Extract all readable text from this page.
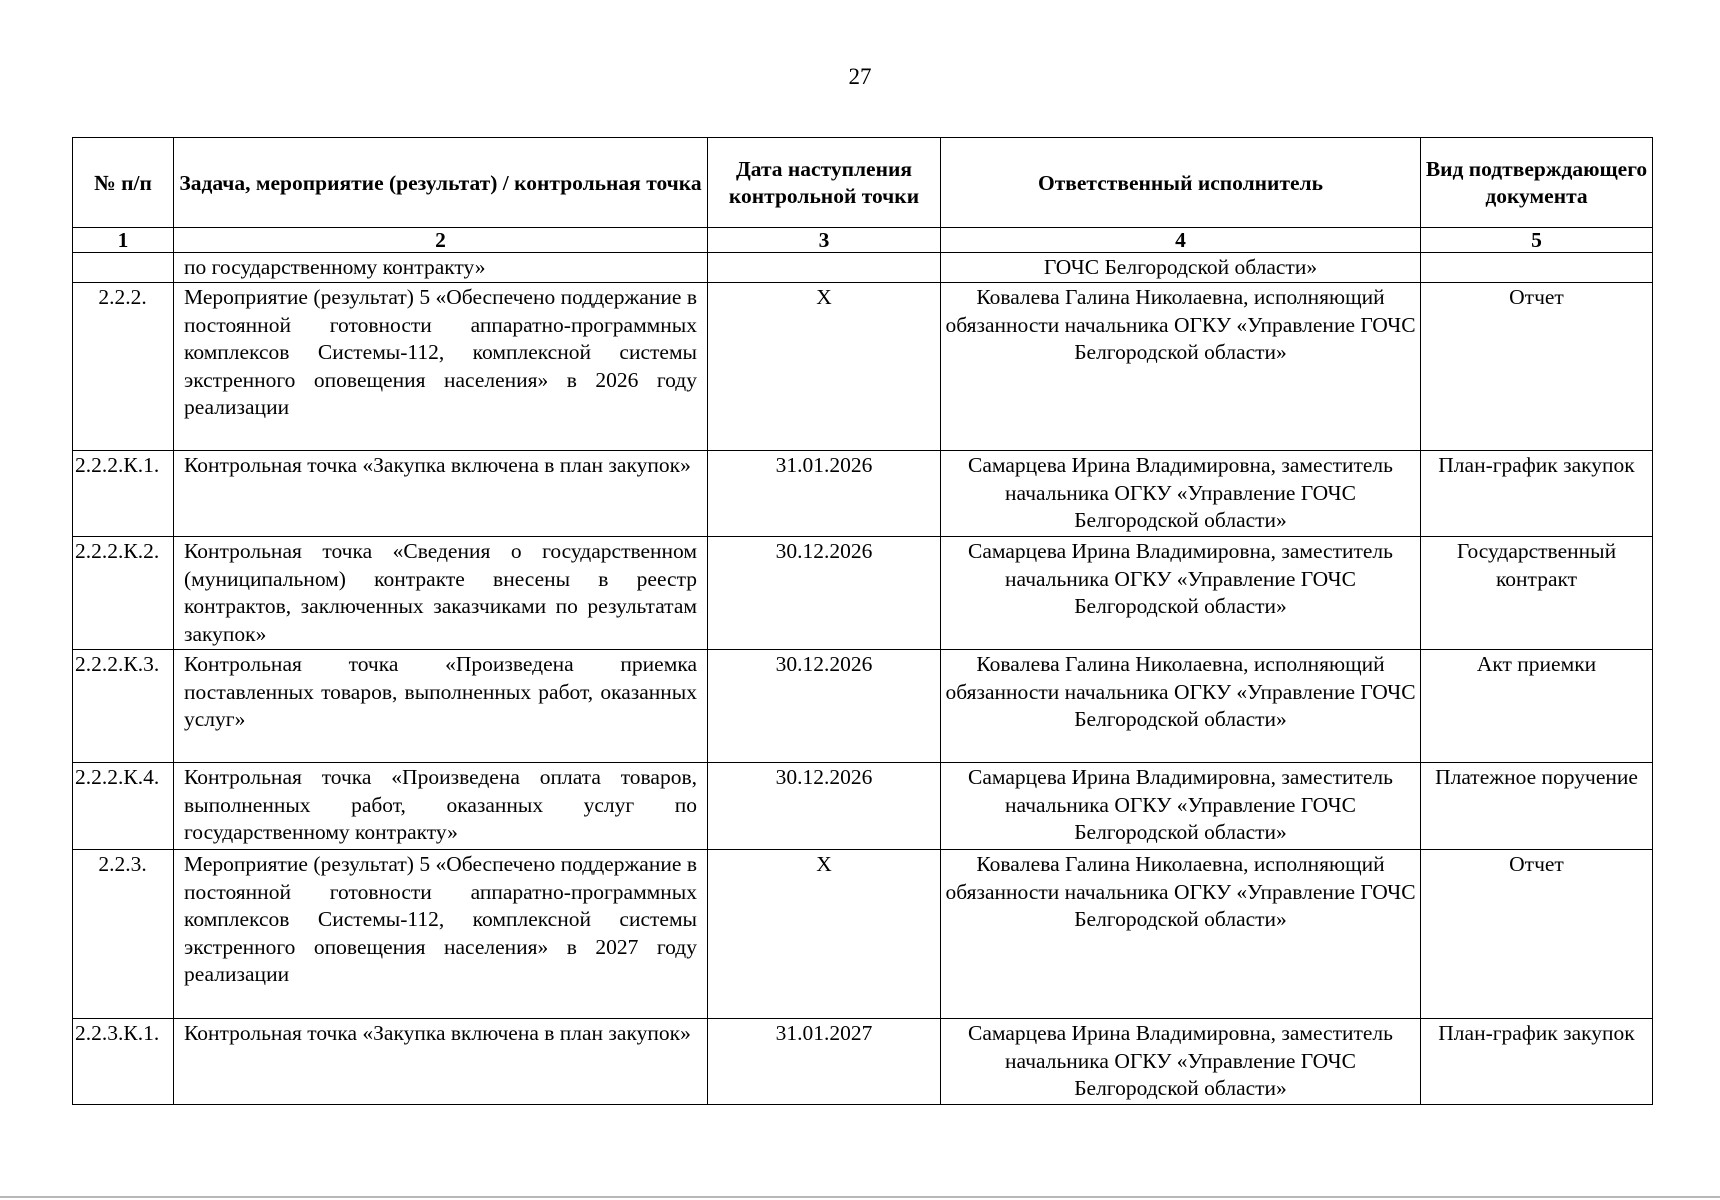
27
№ п/п	Задача, мероприятие (результат) / контрольная точка	Дата наступления контрольной точки	Ответственный исполнитель	Вид подтверждающего документа
1	2	3	4	5
	по государственному контракту»		ГОЧС Белгородской области»	
2.2.2.	Мероприятие (результат) 5 «Обеспечено поддержание в постоянной готовности аппаратно-программных комплексов Системы-112, комплексной системы экстренного оповещения населения» в 2026 году реализации	X	Ковалева Галина Николаевна, исполняющий обязанности начальника ОГКУ «Управление ГОЧС Белгородской области»	Отчет
2.2.2.К.1.	Контрольная точка «Закупка включена в план закупок»	31.01.2026	Самарцева Ирина Владимировна, заместитель начальника ОГКУ «Управление ГОЧС Белгородской области»	План-график закупок
2.2.2.К.2.	Контрольная точка «Сведения о государственном (муниципальном) контракте внесены в реестр контрактов, заключенных заказчиками по результатам закупок»	30.12.2026	Самарцева Ирина Владимировна, заместитель начальника ОГКУ «Управление ГОЧС Белгородской области»	Государственный контракт
2.2.2.К.3.	Контрольная точка «Произведена приемка поставленных товаров, выполненных работ, оказанных услуг»	30.12.2026	Ковалева Галина Николаевна, исполняющий обязанности начальника ОГКУ «Управление ГОЧС Белгородской области»	Акт приемки
2.2.2.К.4.	Контрольная точка «Произведена оплата товаров, выполненных работ, оказанных услуг по государственному контракту»	30.12.2026	Самарцева Ирина Владимировна, заместитель начальника ОГКУ «Управление ГОЧС Белгородской области»	Платежное поручение
2.2.3.	Мероприятие (результат) 5 «Обеспечено поддержание в постоянной готовности аппаратно-программных комплексов Системы-112, комплексной системы экстренного оповещения населения» в 2027 году реализации	X	Ковалева Галина Николаевна, исполняющий обязанности начальника ОГКУ «Управление ГОЧС Белгородской области»	Отчет
2.2.3.К.1.	Контрольная точка «Закупка включена в план закупок»	31.01.2027	Самарцева Ирина Владимировна, заместитель начальника ОГКУ «Управление ГОЧС Белгородской области»	План-график закупок
